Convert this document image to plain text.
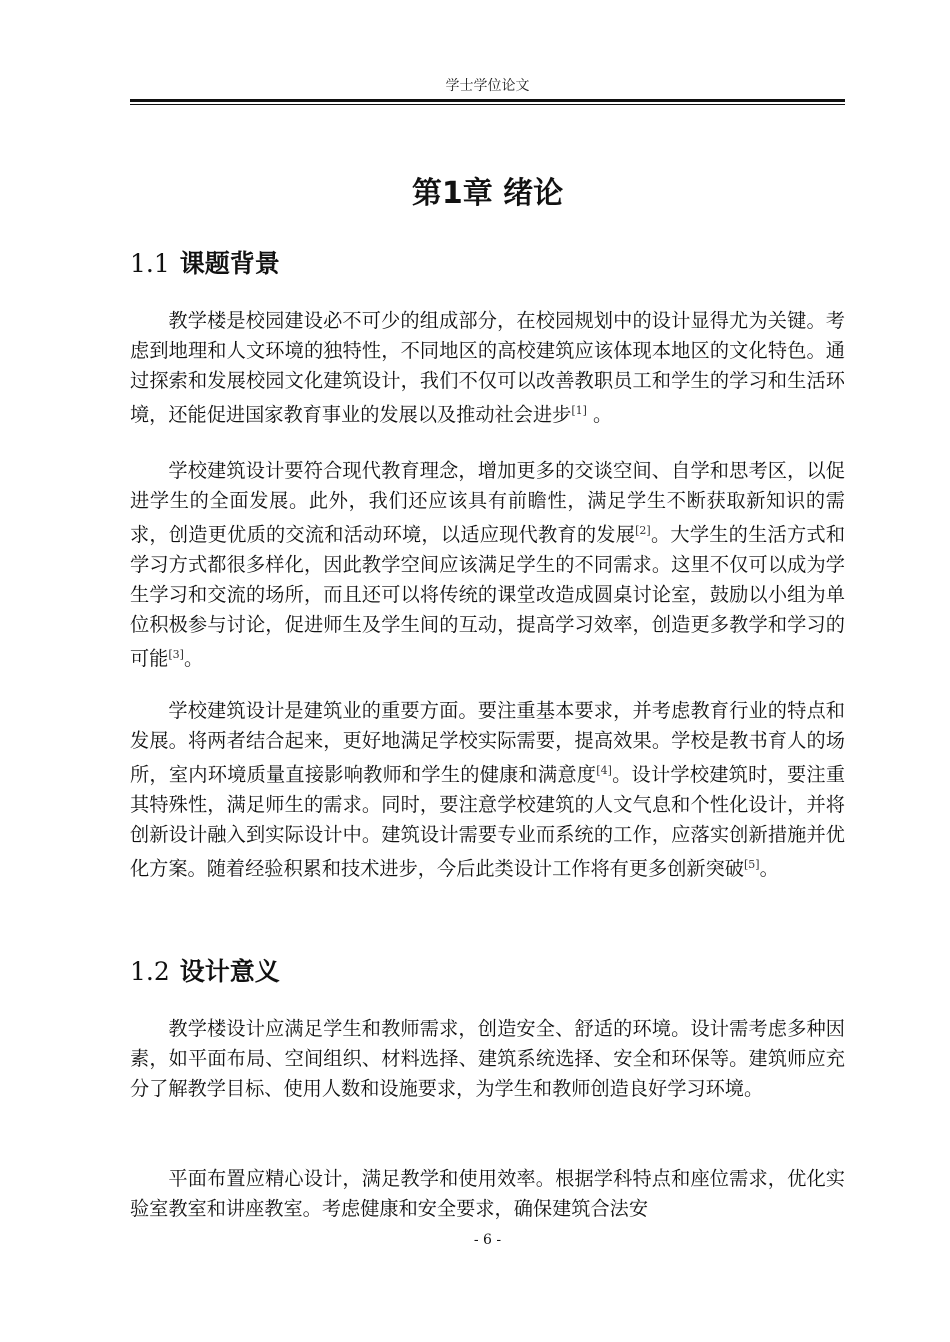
学士学位论文
第1章 绪论
1.1 课题背景

教学楼是校园建设必不可少的组成部分，在校园规划中的设计显得尤为关键。考虑到地理和人文环境的独特性，不同地区的高校建筑应该体现本地区的文化特色。通过探索和发展校园文化建筑设计，我们不仅可以改善教职员工和学生的学习和生活环境，还能促进国家教育事业的发展以及推动社会进步[1] 。

学校建筑设计要符合现代教育理念，增加更多的交谈空间、自学和思考区，以促进学生的全面发展。此外，我们还应该具有前瞻性，满足学生不断获取新知识的需求，创造更优质的交流和活动环境，以适应现代教育的发展[2]。大学生的生活方式和学习方式都很多样化，因此教学空间应该满足学生的不同需求。这里不仅可以成为学生学习和交流的场所，而且还可以将传统的课堂改造成圆桌讨论室，鼓励以小组为单位积极参与讨论，促进师生及学生间的互动，提高学习效率，创造更多教学和学习的可能[3]。

学校建筑设计是建筑业的重要方面。要注重基本要求，并考虑教育行业的特点和发展。将两者结合起来，更好地满足学校实际需要，提高效果。学校是教书育人的场所，室内环境质量直接影响教师和学生的健康和满意度[4]。设计学校建筑时，要注重其特殊性，满足师生的需求。同时，要注意学校建筑的人文气息和个性化设计，并将创新设计融入到实际设计中。建筑设计需要专业而系统的工作，应落实创新措施并优化方案。随着经验积累和技术进步，今后此类设计工作将有更多创新突破[5]。

1.2 设计意义

教学楼设计应满足学生和教师需求，创造安全、舒适的环境。设计需考虑多种因素，如平面布局、空间组织、材料选择、建筑系统选择、安全和环保等。建筑师应充分了解教学目标、使用人数和设施要求，为学生和教师创造良好学习环境。

平面布置应精心设计，满足教学和使用效率。根据学科特点和座位需求，优化实验室教室和讲座教室。考虑健康和安全要求，确保建筑合法安

- 6 -
